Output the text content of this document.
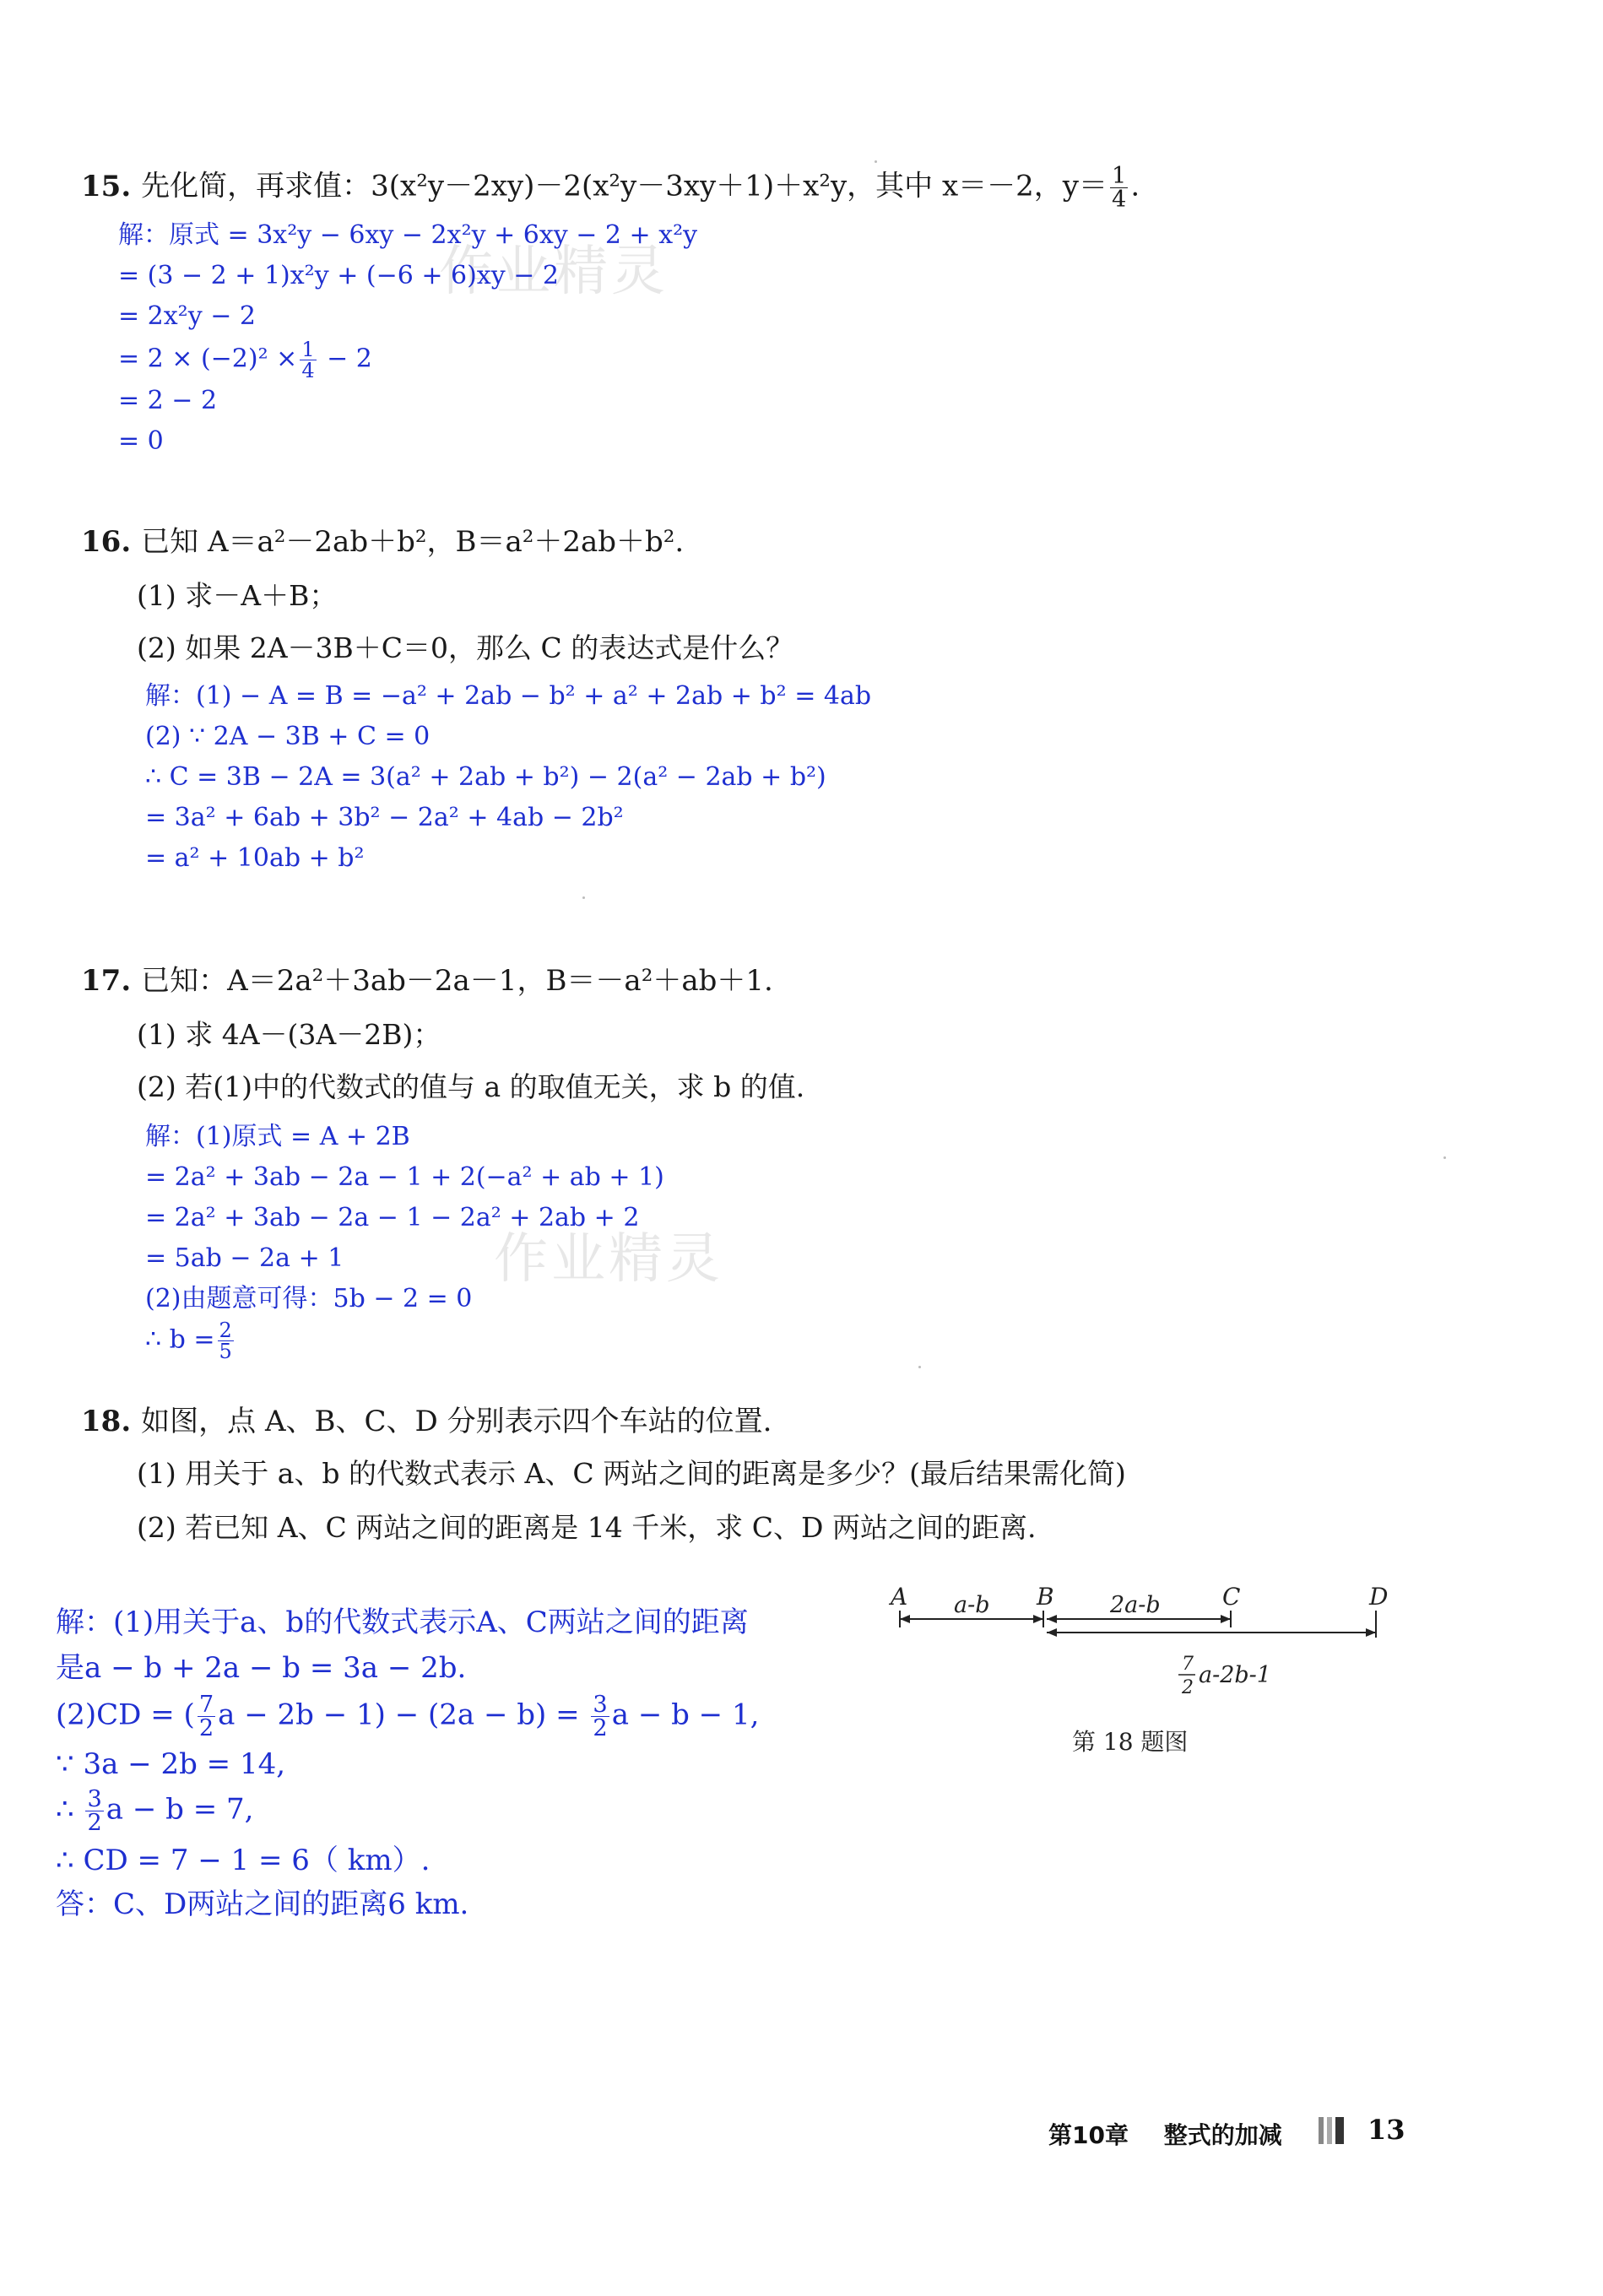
作业精灵
作业精灵
15. 先化简，再求值：3(x²y－2xy)－2(x²y－3xy＋1)＋x²y，其中 x＝－2，$y= \frac{1}{4}$ .
解：原式 = 3x²y − 6xy − 2x²y + 6xy − 2 + x²y
= (3 − 2 + 1)x²y + (−6 + 6)xy − 2
= 2x²y − 2
= $2 \times (-2)^2 \times \frac{1}{4} - 2$
= 2 − 2
= 0
16. 已知 A＝a²－2ab＋b²，B＝a²＋2ab＋b².
(1) 求－A＋B；
(2) 如果 2A－3B＋C＝0，那么 C 的表达式是什么？
解：(1) − A = B = −a² + 2ab − b² + a² + 2ab + b² = 4ab
(2) ∵ 2A − 3B + C = 0
∴ C = 3B − 2A = 3(a² + 2ab + b²) − 2(a² − 2ab + b²)
= 3a² + 6ab + 3b² − 2a² + 4ab − 2b²
= a² + 10ab + b²
17. 已知：A＝2a²＋3ab－2a－1，B＝－a²＋ab＋1.
(1) 求 4A－(3A－2B)；
(2) 若(1)中的代数式的值与 a 的取值无关，求 b 的值.
解：(1)原式 = A + 2B
= 2a² + 3ab − 2a − 1 + 2(−a² + ab + 1)
= 2a² + 3ab − 2a − 1 − 2a² + 2ab + 2
= 5ab − 2a + 1
(2)由题意可得：5b − 2 = 0
∴ $b = \frac{2}{5}$
18. 如图，点 A、B、C、D 分别表示四个车站的位置.
(1) 用关于 a、b 的代数式表示 A、C 两站之间的距离是多少？(最后结果需化简)
(2) 若已知 A、C 两站之间的距离是 14 千米，求 C、D 两站之间的距离.
解：(1)用关于a、b的代数式表示A、C两站之间的距离
是a − b + 2a − b = 3a − 2b.
(2)CD = ( $\frac{7}{2}$ $a - 2b - 1) - (2a - b) = \frac{3}{2}$ a − b − 1,
∵ 3a − 2b = 14,
∴ $\frac{3}{2}$ a − b = 7,
∴ CD = 7 − 1 = 6（ km）.
答：C、D两站之间的距离6 km.
A	B	C	D
a-b	2a-b
7
2 a-2b-1
第 18 题图
第10章 整式的加减	13
